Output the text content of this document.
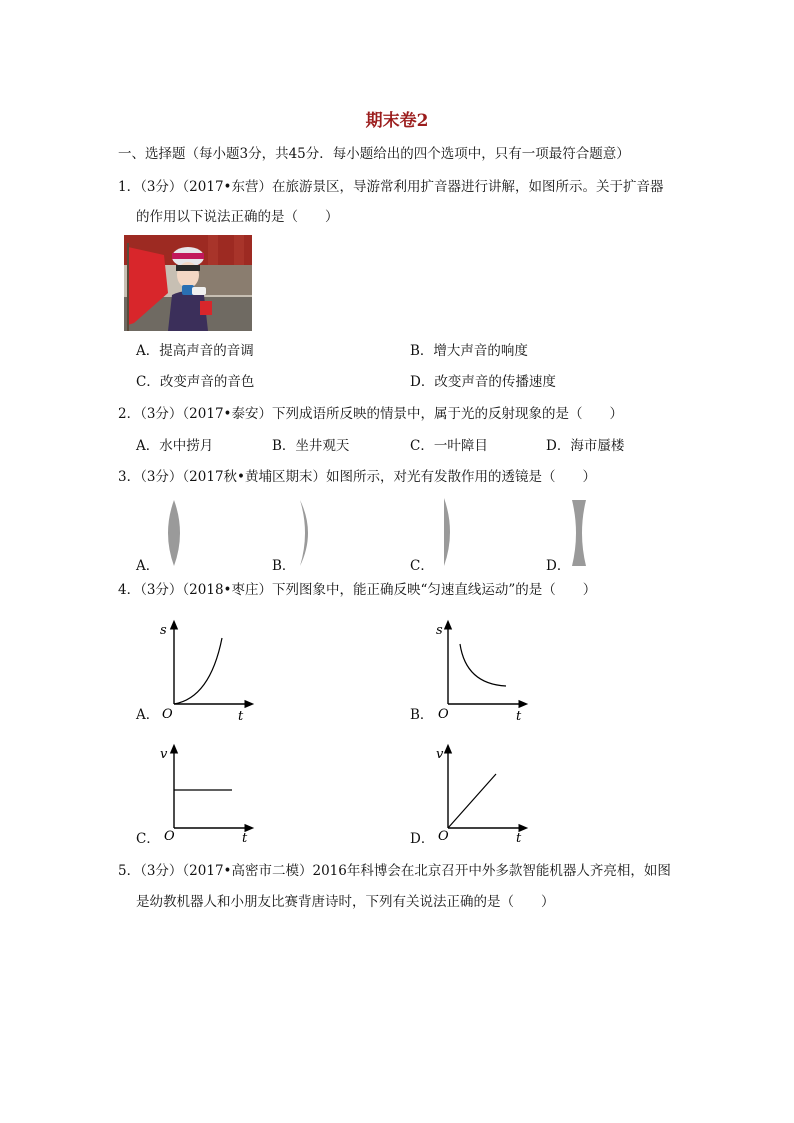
期末卷2
一、选择题（每小题3分，共45分．每小题给出的四个选项中，只有一项最符合题意）
1．（3分）（2017•东营）在旅游景区，导游常利用扩音器进行讲解，如图所示。关于扩音器
的作用以下说法正确的是（　　）
A．提高声音的音调	B．增大声音的响度
C．改变声音的音色	D．改变声音的传播速度
2．（3分）（2017•泰安）下列成语所反映的情景中，属于光的反射现象的是（　　）
A．水中捞月	B．坐井观天	C．一叶障目	D．海市蜃楼
3．（3分）（2017秋•黄埔区期末）如图所示，对光有发散作用的透镜是（　　）
A．	B．	C．	D．
4．（3分）（2018•枣庄）下列图象中，能正确反映“匀速直线运动”的是（　　）
s
t
O
A．
s
t
O
B．
v
t
O
C．
v
t
O
D．
5．（3分）（2017•高密市二模）2016年科博会在北京召开中外多款智能机器人齐亮相，如图
是幼教机器人和小朋友比赛背唐诗时，下列有关说法正确的是（　　）
